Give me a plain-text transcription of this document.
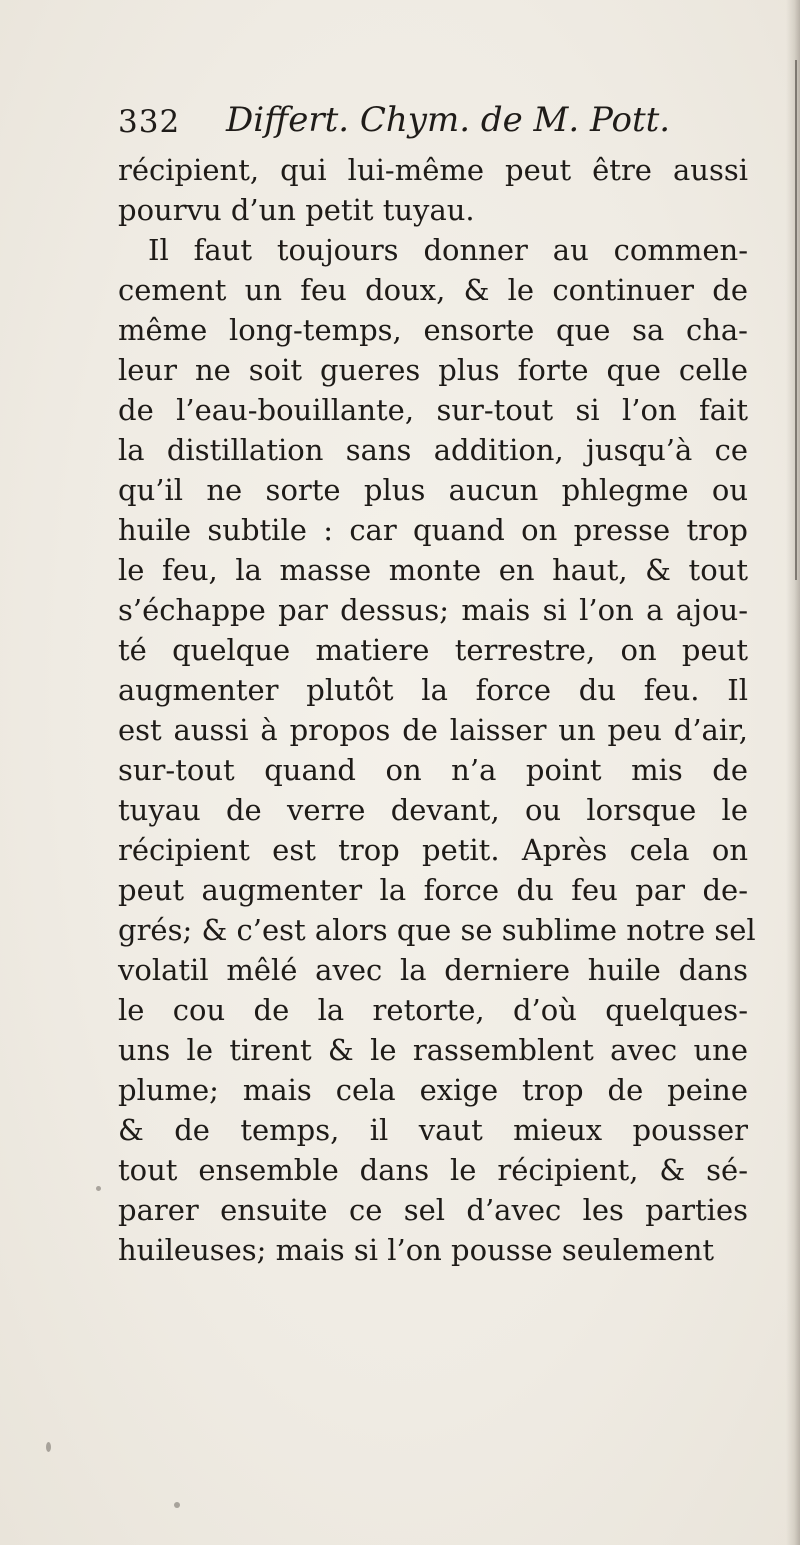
332 Differt. Chym. de M. Pott.
récipient, qui lui-même peut être aussi
pourvu d’un petit tuyau.
Il faut toujours donner au commen-
cement un feu doux, & le continuer de
même long-temps, ensorte que sa cha-
leur ne soit gueres plus forte que celle
de l’eau-bouillante, sur-tout si l’on fait
la distillation sans addition, jusqu’à ce
qu’il ne sorte plus aucun phlegme ou
huile subtile : car quand on presse trop
le feu, la masse monte en haut, & tout
s’échappe par dessus; mais si l’on a ajou-
té quelque matiere terrestre, on peut
augmenter plutôt la force du feu. Il
est aussi à propos de laisser un peu d’air,
sur-tout quand on n’a point mis de
tuyau de verre devant, ou lorsque le
récipient est trop petit. Après cela on
peut augmenter la force du feu par de-
grés; & c’est alors que se sublime notre sel
volatil mêlé avec la derniere huile dans
le cou de la retorte, d’où quelques-
uns le tirent & le rassemblent avec une
plume; mais cela exige trop de peine
& de temps, il vaut mieux pousser
tout ensemble dans le récipient, & sé-
parer ensuite ce sel d’avec les parties
huileuses; mais si l’on pousse seulement
